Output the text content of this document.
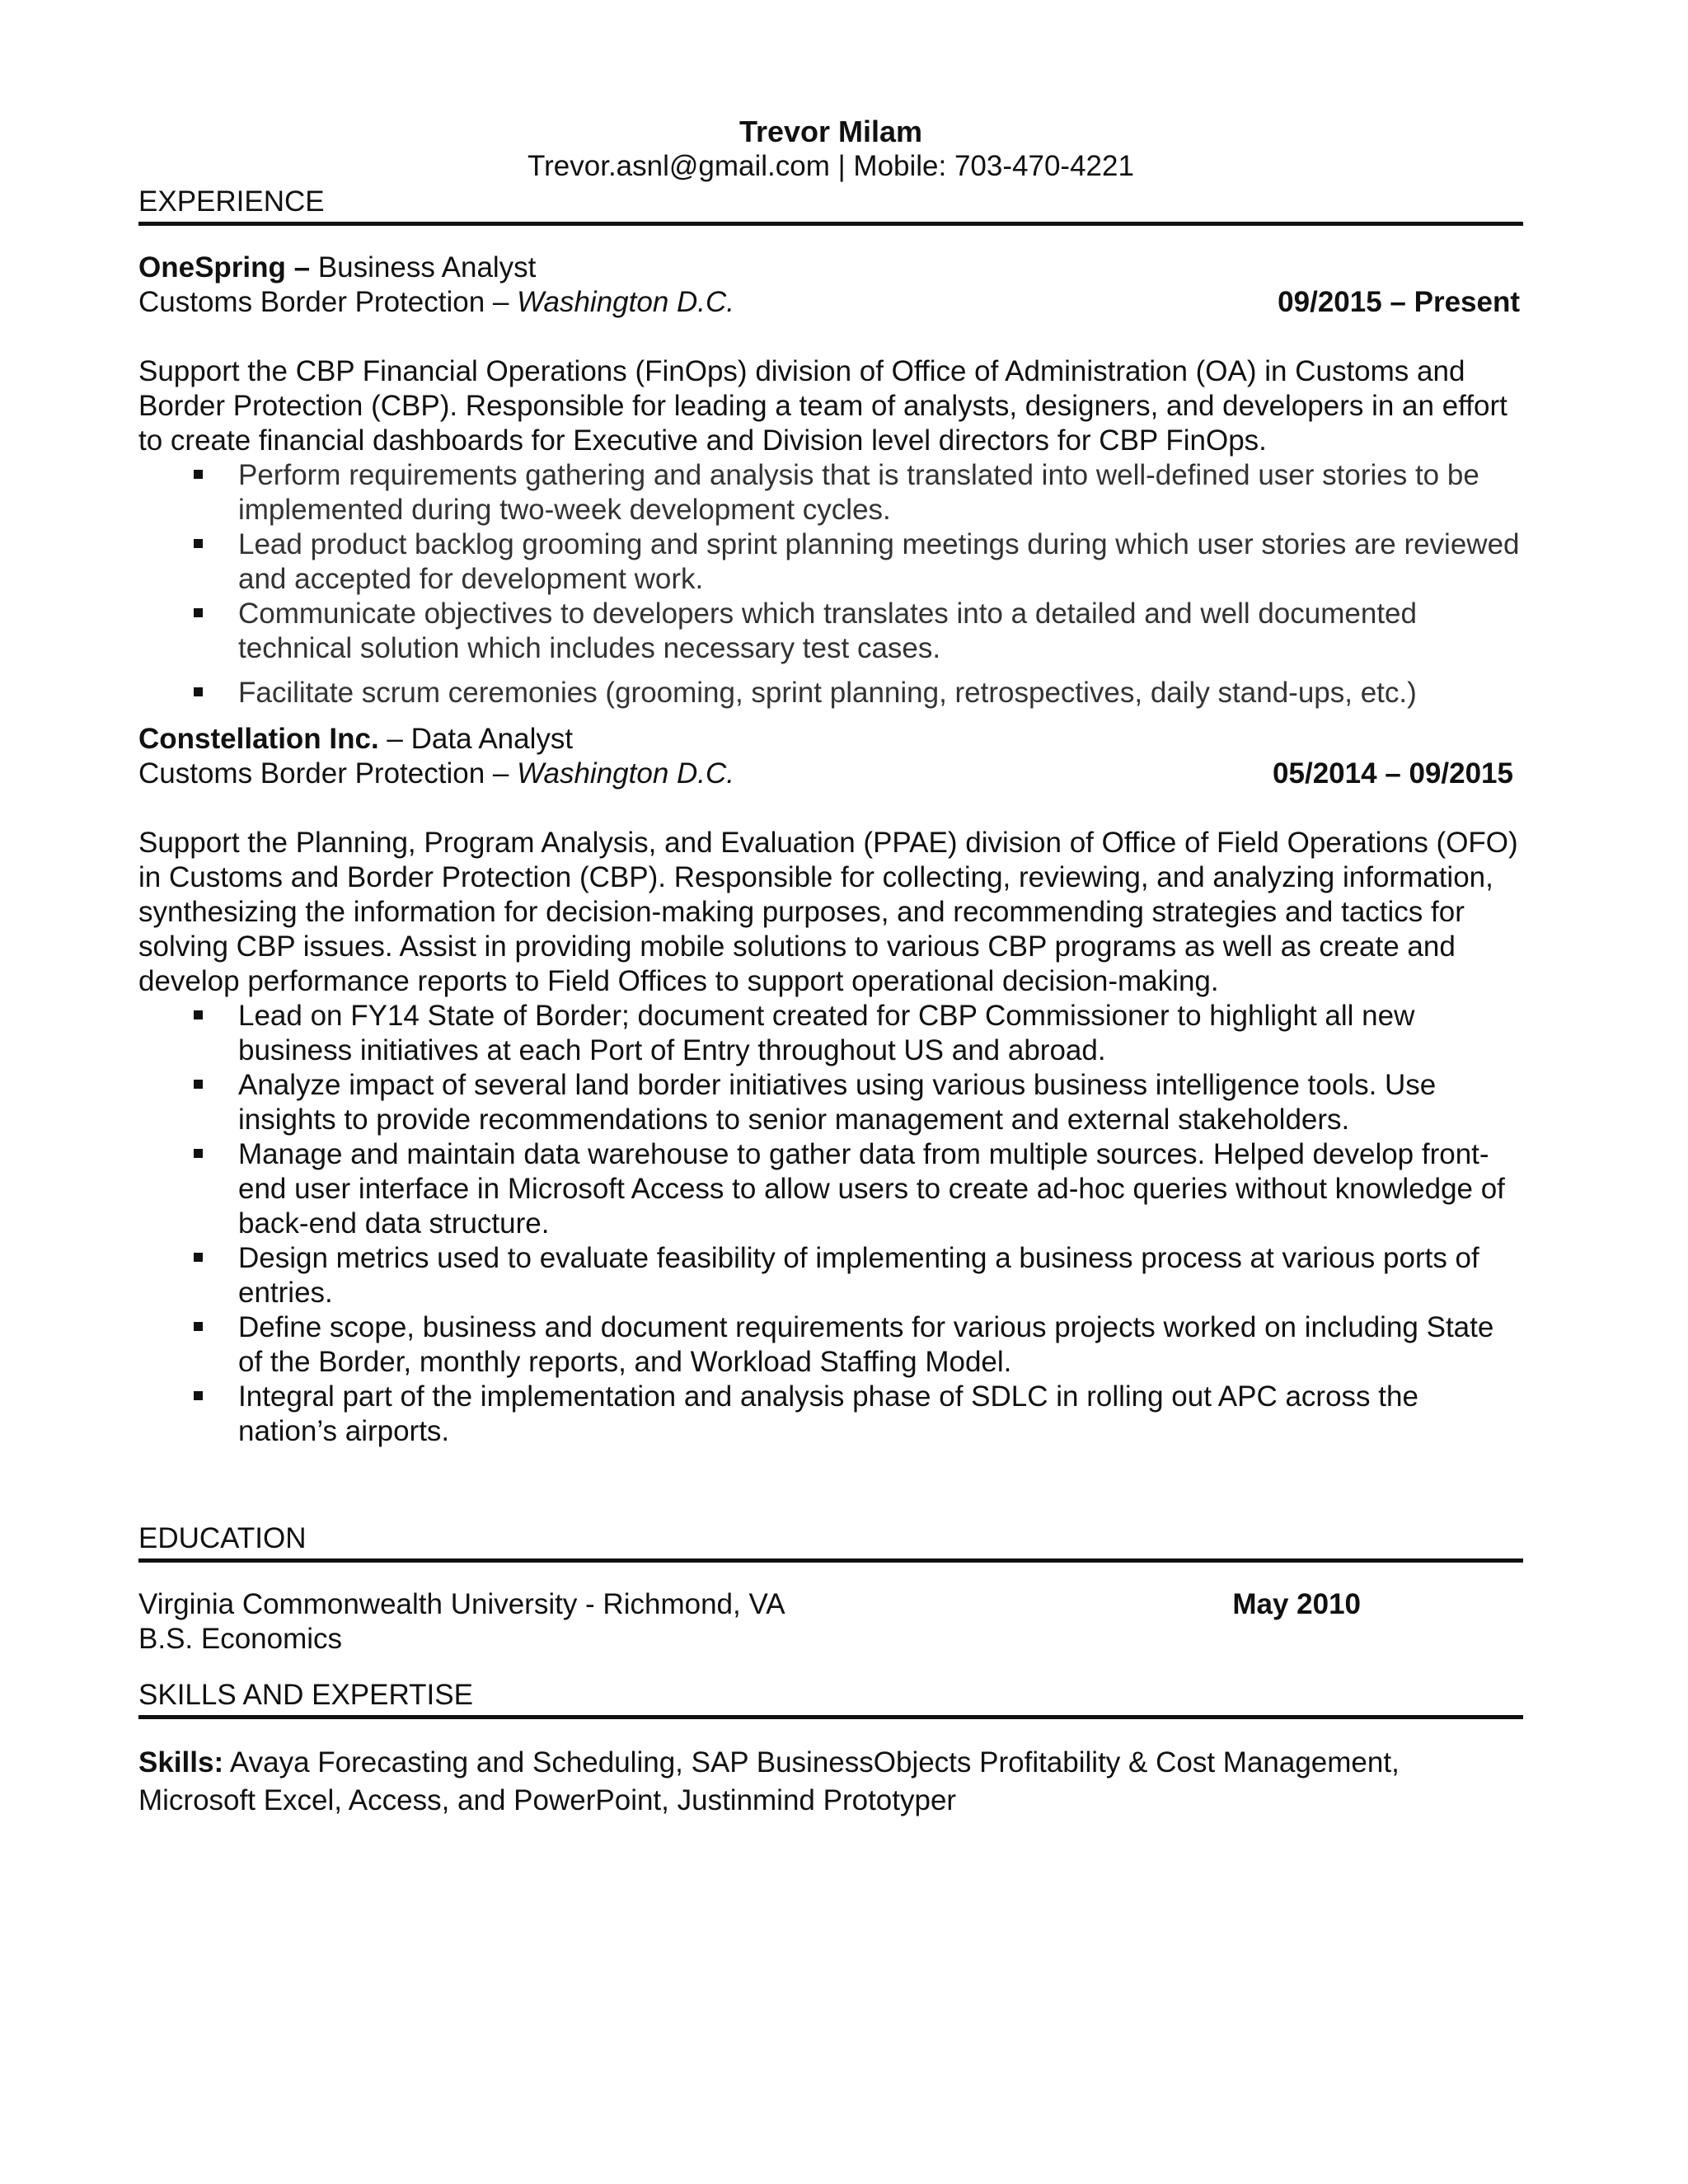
Trevor Milam
Trevor.asnl@gmail.com | Mobile: 703-470-4221
EXPERIENCE
OneSpring – Business Analyst
Customs Border Protection – Washington D.C.	09/2015 – Present
Support the CBP Financial Operations (FinOps) division of Office of Administration (OA) in Customs and Border Protection (CBP). Responsible for leading a team of analysts, designers, and developers in an effort to create financial dashboards for Executive and Division level directors for CBP FinOps.
Perform requirements gathering and analysis that is translated into well-defined user stories to be implemented during two-week development cycles.
Lead product backlog grooming and sprint planning meetings during which user stories are reviewed and accepted for development work.
Communicate objectives to developers which translates into a detailed and well documented technical solution which includes necessary test cases.
Facilitate scrum ceremonies (grooming, sprint planning, retrospectives, daily stand-ups, etc.)
Constellation Inc. – Data Analyst
Customs Border Protection – Washington D.C.	05/2014 – 09/2015
Support the Planning, Program Analysis, and Evaluation (PPAE) division of Office of Field Operations (OFO) in Customs and Border Protection (CBP). Responsible for collecting, reviewing, and analyzing information, synthesizing the information for decision-making purposes, and recommending strategies and tactics for solving CBP issues. Assist in providing mobile solutions to various CBP programs as well as create and develop performance reports to Field Offices to support operational decision-making.
Lead on FY14 State of Border; document created for CBP Commissioner to highlight all new business initiatives at each Port of Entry throughout US and abroad.
Analyze impact of several land border initiatives using various business intelligence tools. Use insights to provide recommendations to senior management and external stakeholders.
Manage and maintain data warehouse to gather data from multiple sources. Helped develop front-end user interface in Microsoft Access to allow users to create ad-hoc queries without knowledge of back-end data structure.
Design metrics used to evaluate feasibility of implementing a business process at various ports of entries.
Define scope, business and document requirements for various projects worked on including State of the Border, monthly reports, and Workload Staffing Model.
Integral part of the implementation and analysis phase of SDLC in rolling out APC across the nation’s airports.
EDUCATION
Virginia Commonwealth University - Richmond, VA	May 2010
B.S. Economics
SKILLS AND EXPERTISE
Skills: Avaya Forecasting and Scheduling, SAP BusinessObjects Profitability & Cost Management, Microsoft Excel, Access, and PowerPoint, Justinmind Prototyper
